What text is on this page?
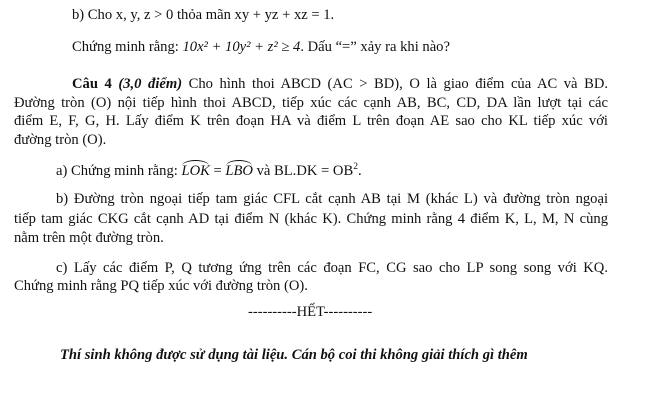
b) Cho x, y, z > 0 thỏa mãn xy + yz + xz = 1.
Chứng minh rằng: 10x² + 10y² + z² ≥ 4. Dấu “=” xảy ra khi nào?
Câu 4 (3,0 điểm) Cho hình thoi ABCD (AC > BD), O là giao điểm của AC và BD.
Đường tròn (O) nội tiếp hình thoi ABCD, tiếp xúc các cạnh AB, BC, CD, DA lần lượt tại các
điểm E, F, G, H. Lấy điểm K trên đoạn HA và điểm L trên đoạn AE sao cho KL tiếp xúc với
đường tròn (O).
a) Chứng minh rằng: LOK = LBO và $BL.DK = OB^2$.
b) Đường tròn ngoại tiếp tam giác CFL cắt cạnh AB tại M (khác L) và đường tròn ngoại
tiếp tam giác CKG cắt cạnh AD tại điểm N (khác K). Chứng minh rằng 4 điểm K, L, M, N cùng
nằm trên một đường tròn.
c) Lấy các điểm P, Q tương ứng trên các đoạn FC, CG sao cho LP song song với KQ.
Chứng minh rằng PQ tiếp xúc với đường tròn (O).
----------HẾT----------
Thí sinh không được sử dụng tài liệu. Cán bộ coi thi không giải thích gì thêm
